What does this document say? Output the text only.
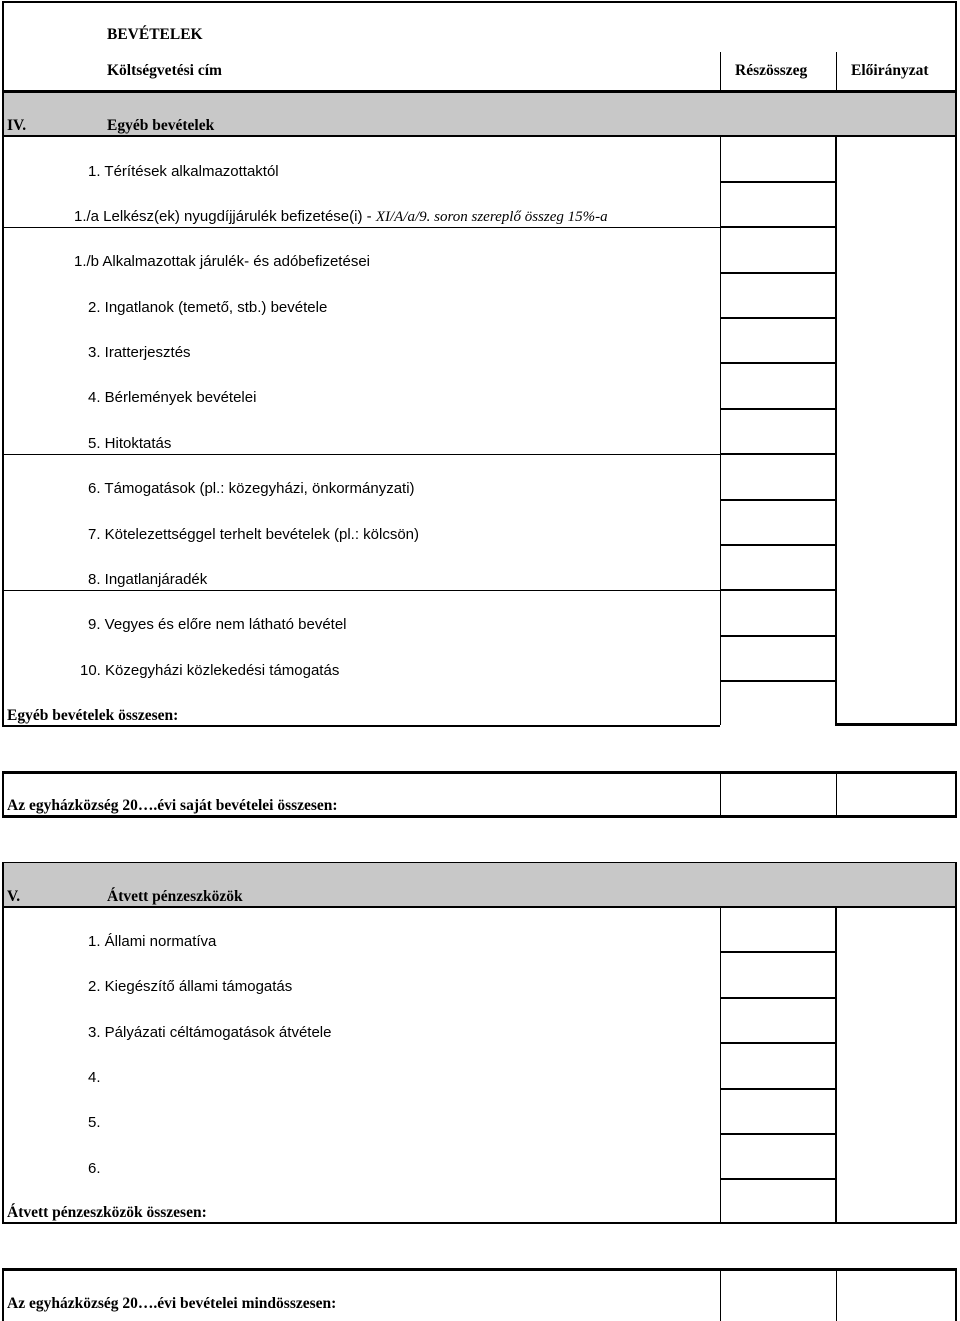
BEVÉTELEK
Költségvetési cím	Részösszeg	Előirányzat
IV.	Egyéb bevételek
1. Térítések alkalmazottaktól
1./a Lelkész(ek) nyugdíjjárulék befizetése(i) - XI/A/a/9. soron szereplő összeg 15%-a
1./b Alkalmazottak járulék- és adóbefizetései
2. Ingatlanok (temető, stb.) bevétele
3. Iratterjesztés
4. Bérlemények bevételei
5. Hitoktatás
6. Támogatások (pl.: közegyházi, önkormányzati)
7. Kötelezettséggel terhelt bevételek (pl.: kölcsön)
8. Ingatlanjáradék
9. Vegyes és előre nem látható bevétel
10. Közegyházi közlekedési támogatás
Egyéb bevételek összesen:
Az egyházközség 20….évi saját bevételei összesen:
V.	Átvett pénzeszközök
1. Állami normatíva
2. Kiegészítő állami támogatás
3. Pályázati céltámogatások átvétele
4.
5.
6.
Átvett pénzeszközök összesen:
Az egyházközség 20….évi bevételei mindösszesen:
